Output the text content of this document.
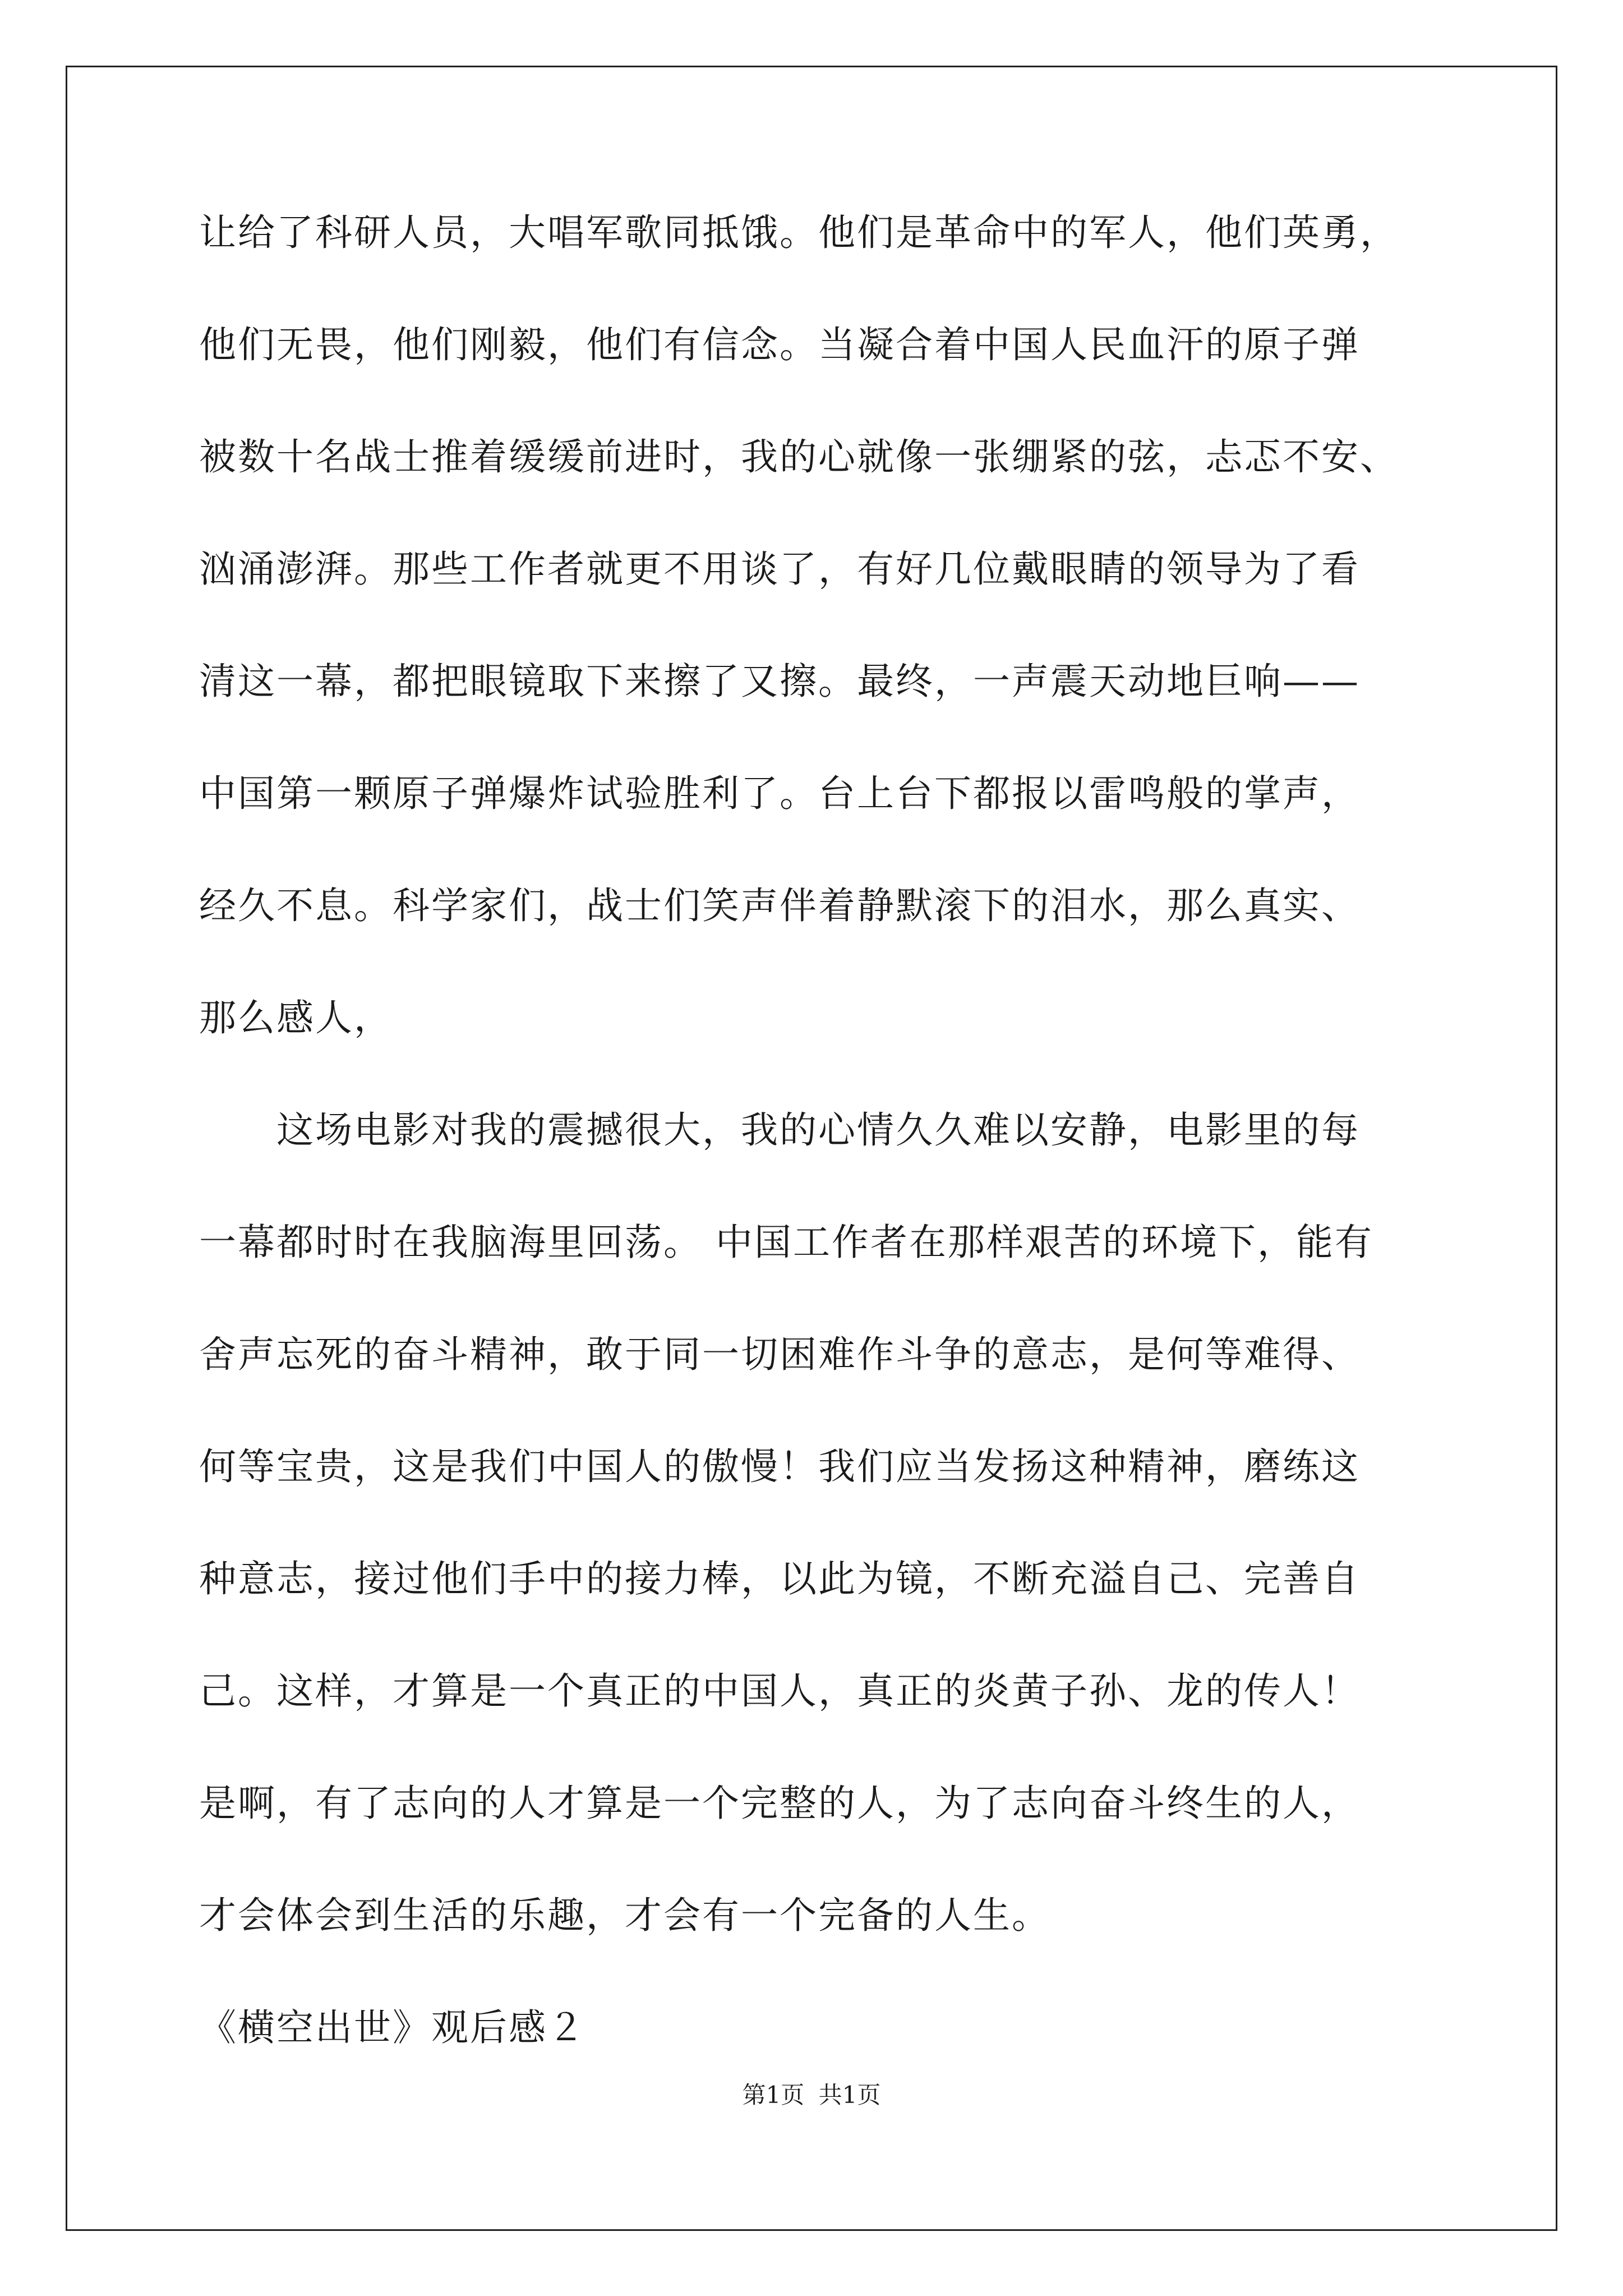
让给了科研人员，大唱军歌同抵饿。他们是革命中的军人，他们英勇，
他们无畏，他们刚毅，他们有信念。当凝合着中国人民血汗的原子弹
被数十名战士推着缓缓前进时，我的心就像一张绷紧的弦，忐忑不安、
汹涌澎湃。那些工作者就更不用谈了，有好几位戴眼睛的领导为了看
清这一幕，都把眼镜取下来擦了又擦。最终，一声震天动地巨响——
中国第一颗原子弹爆炸试验胜利了。台上台下都报以雷鸣般的掌声，
经久不息。科学家们，战士们笑声伴着静默滚下的泪水，那么真实、
那么感人，
　　这场电影对我的震撼很大，我的心情久久难以安静，电影里的每
一幕都时时在我脑海里回荡。 中国工作者在那样艰苦的环境下，能有
舍声忘死的奋斗精神，敢于同一切困难作斗争的意志，是何等难得、
何等宝贵，这是我们中国人的傲慢！我们应当发扬这种精神，磨练这
种意志，接过他们手中的接力棒，以此为镜，不断充溢自己、完善自
己。这样，才算是一个真正的中国人，真正的炎黄子孙、龙的传人！
是啊，有了志向的人才算是一个完整的人，为了志向奋斗终生的人，
才会体会到生活的乐趣，才会有一个完备的人生。
《横空出世》观后感２
第1页 共1页
